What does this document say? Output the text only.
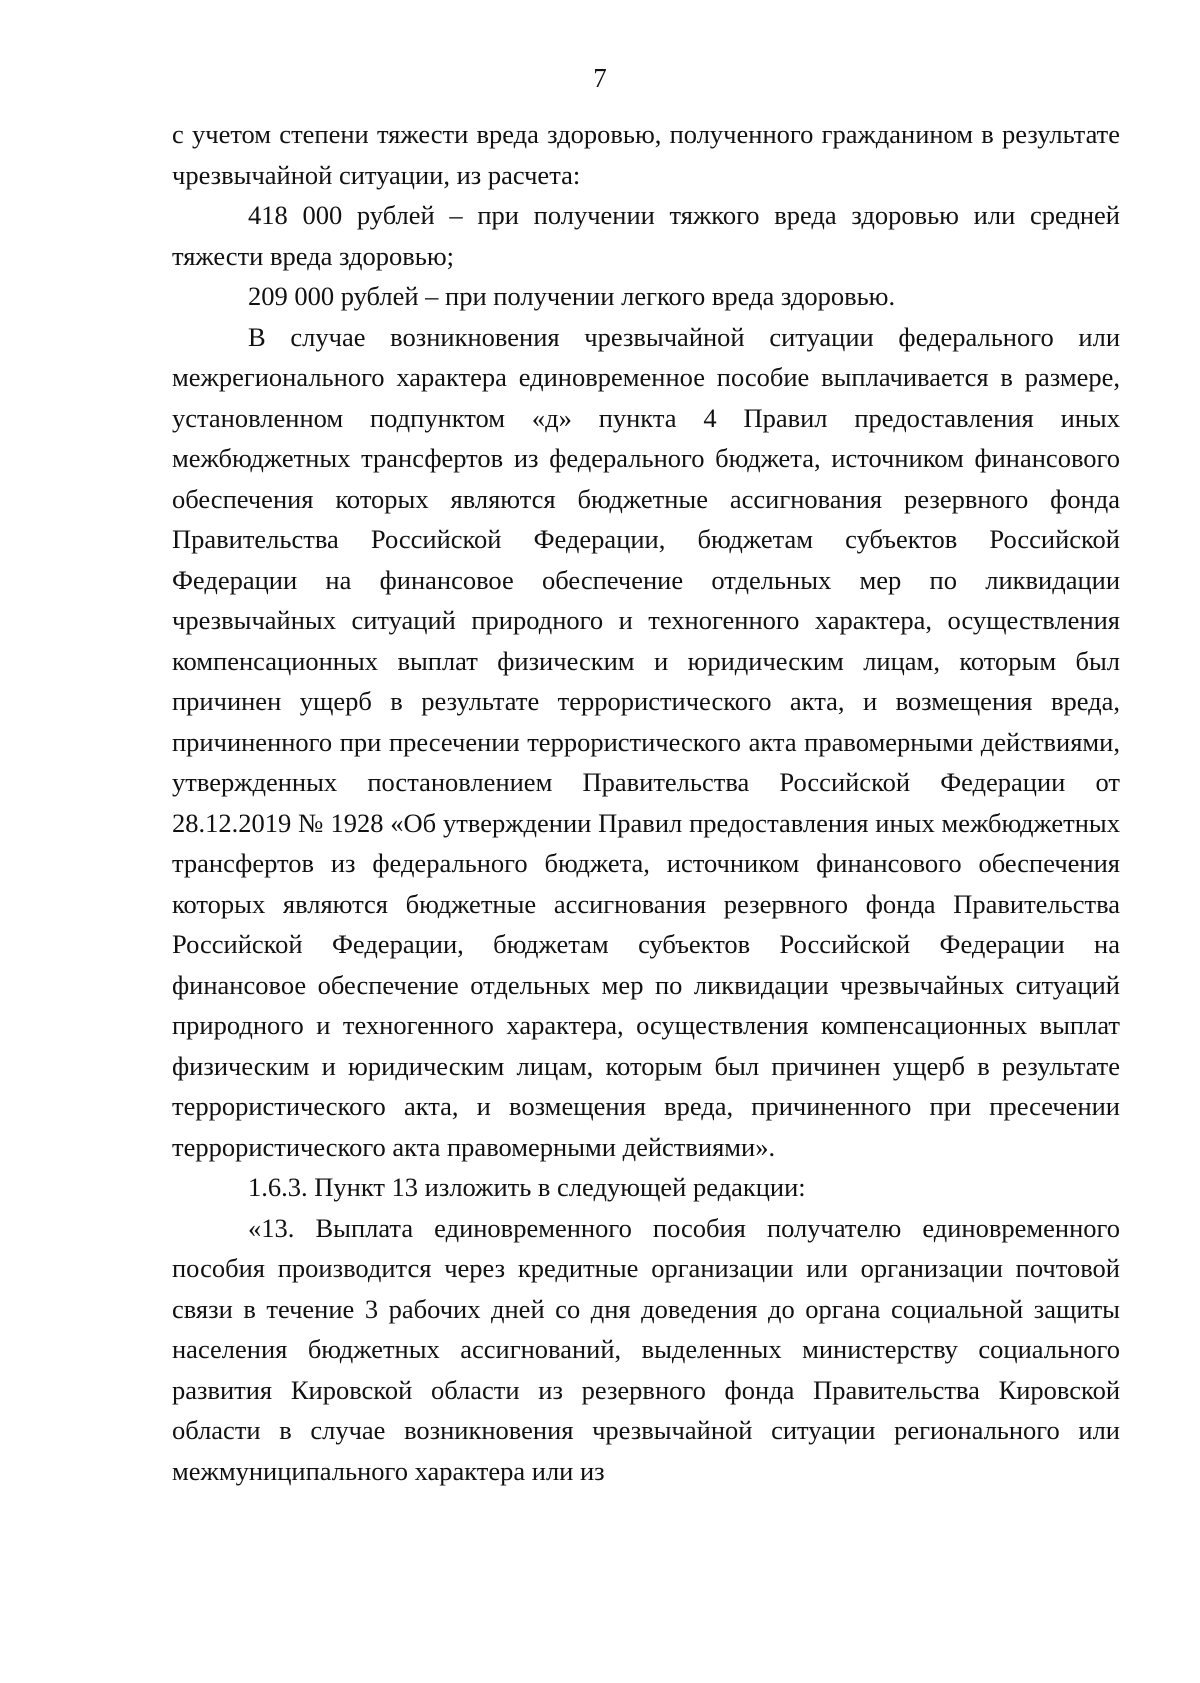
7

с учетом степени тяжести вреда здоровью, полученного гражданином в результате чрезвычайной ситуации, из расчета:

418 000 рублей – при получении тяжкого вреда здоровью или средней тяжести вреда здоровью;

209 000 рублей – при получении легкого вреда здоровью.

В случае возникновения чрезвычайной ситуации федерального или межрегионального характера единовременное пособие выплачивается в размере, установленном подпунктом «д» пункта 4 Правил предоставления иных межбюджетных трансфертов из федерального бюджета, источником финансового обеспечения которых являются бюджетные ассигнования резервного фонда Правительства Российской Федерации, бюджетам субъектов Российской Федерации на финансовое обеспечение отдельных мер по ликвидации чрезвычайных ситуаций природного и техногенного характера, осуществления компенсационных выплат физическим и юридическим лицам, которым был причинен ущерб в результате террористического акта, и возмещения вреда, причиненного при пресечении террористического акта правомерными действиями, утвержденных постановлением Правительства Российской Федерации от 28.12.2019 № 1928 «Об утверждении Правил предоставления иных межбюджетных трансфертов из федерального бюджета, источником финансового обеспечения которых являются бюджетные ассигнования резервного фонда Правительства Российской Федерации, бюджетам субъектов Российской Федерации на финансовое обеспечение отдельных мер по ликвидации чрезвычайных ситуаций природного и техногенного характера, осуществления компенсационных выплат физическим и юридическим лицам, которым был причинен ущерб в результате террористического акта, и возмещения вреда, причиненного при пресечении террористического акта правомерными действиями».

1.6.3. Пункт 13 изложить в следующей редакции:

«13. Выплата единовременного пособия получателю единовременного пособия производится через кредитные организации или организации почтовой связи в течение 3 рабочих дней со дня доведения до органа социальной защиты населения бюджетных ассигнований, выделенных министерству социального развития Кировской области из резервного фонда Правительства Кировской области в случае возникновения чрезвычайной ситуации регионального или межмуниципального характера или из
